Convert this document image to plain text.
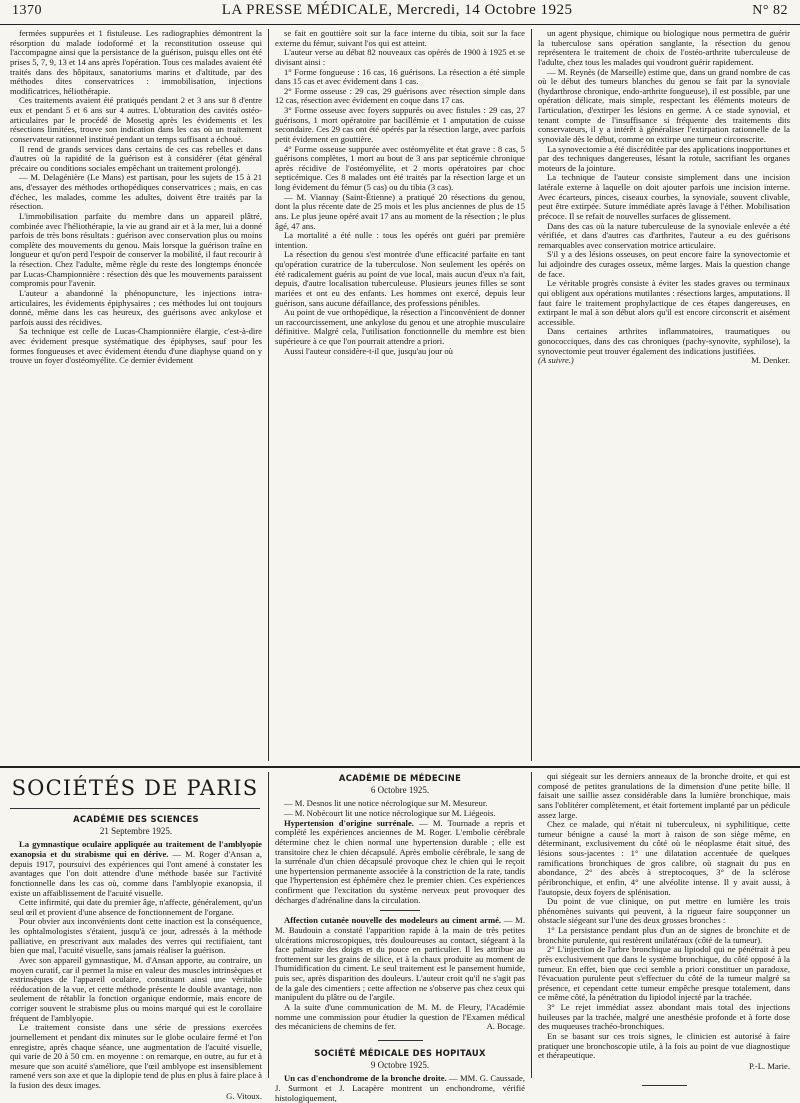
1370	LA PRESSE MÉDICALE, Mercredi, 14 Octobre 1925	N° 82

fermées suppurées et 1 fistuleuse. Les radiographies démontrent la résorption du malade iodoformé et la reconstitution osseuse qui l'accompagne ainsi que la persistance de la guérison, puisqu elles ont été prises 5, 7, 9, 13 et 14 ans après l'opération. Tous ces malades avaient été traités dans des hôpitaux, sanatoriums marins et d'altitude, par des méthodes dites conservatrices : immobilisation, injections modificatrices, héliothérapie.

Ces traitements avaient été pratiqués pendant 2 et 3 ans sur 8 d'entre eux et pendant 5 et 6 ans sur 4 autres. L'obturation des cavités ostéo-articulaires par le procédé de Mosetig après les évidements et les résections limitées, trouve son indication dans les cas où un traitement conservateur rationnel institué pendant un temps suffisant a échoué.

Il rend de grands services dans certains de ces cas rebelles et dans d'autres où la rapidité de la guérison est à considérer (état général précaire ou conditions sociales empêchant un traitement prolongé).

— M. Delagénière (Le Mans) est partisan, pour les sujets de 15 à 21 ans, d'essayer des méthodes orthopédiques conservatrices ; mais, en cas d'échec, les malades, comme les adultes, doivent être traités par la résection.

L'immobilisation parfaite du membre dans un appareil plâtré, combinée avec l'héliothérapie, la vie au grand air et à la mer, lui a donné parfois de très bons résultats : guérison avec conservation plus ou moins complète des mouvements du genou. Mais lorsque la guérison traîne en longueur et qu'on perd l'espoir de conserver la mobilité, il faut recourir à la résection. Chez l'adulte, même règle du reste des longtemps énoncée par Lucas-Championnière : résection dès que les mouvements paraissent compromis pour l'avenir.

L'auteur a abandonné la phénopuncture, les injections intra-articulaires, les évidements épiphysaires ; ces méthodes lui ont toujours donné, même dans les cas heureux, des guérisons avec ankylose et parfois aussi des récidives.

Sa technique est celle de Lucas-Championnière élargie, c'est-à-dire avec évidement presque systématique des épiphyses, sauf pour les formes fongueuses et avec évidement étendu d'une diaphyse quand on y trouve un foyer d'ostéomyélite. Ce dernier évidement

se fait en gouttière soit sur la face interne du tibia, soit sur la face externe du fémur, suivant l'os qui est atteint.

L'auteur verse au débat 82 nouveaux cas opérés de 1900 à 1925 et se divisant ainsi :

1° Forme fongueuse : 16 cas, 16 guérisons. La résection a été simple dans 15 cas et avec évidement dans 1 cas.

2° Forme osseuse : 29 cas, 29 guérisons avec résection simple dans 12 cas, résection avec évidement en coque dans 17 cas.

3° Forme osseuse avec foyers suppurés ou avec fistules : 29 cas, 27 guérisons, 1 mort opératoire par bacillémie et 1 amputation de cuisse secondaire. Ces 29 cas ont été opérés par la résection large, avec parfois petit évidement en gouttière.

4° Forme osseuse suppurée avec ostéomyélite et état grave : 8 cas, 5 guérisons complètes, 1 mort au bout de 3 ans par septicémie chronique après récidive de l'ostéomyélite, et 2 morts opératoires par choc septicémique. Ces 8 malades ont été traités par la résection large et un long évidement du fémur (5 cas) ou du tibia (3 cas).

— M. Viannay (Saint-Étienne) a pratiqué 20 résections du genou, dont la plus récente date de 25 mois et les plus anciennes de plus de 15 ans. Le plus jeune opéré avait 17 ans au moment de la résection ; le plus âgé, 47 ans.

La mortalité a été nulle : tous les opérés ont guéri par première intention.

La résection du genou s'est montrée d'une efficacité parfaite en tant qu'opération curatrice de la tuberculose. Non seulement les opérés on été radicalement guéris au point de vue local, mais aucun d'eux n'a fait, depuis, d'autre localisation tuberculeuse. Plusieurs jeunes filles se sont mariées et ont eu des enfants. Les hommes ont exercé, depuis leur guérison, sans aucune défaillance, des professions pénibles.

Au point de vue orthopédique, la résection a l'inconvénient de donner un raccourcissement, une ankylose du genou et une atrophie musculaire définitive. Malgré cela, l'utilisation fonctionnelle du membre est bien supérieure à ce que l'on pourrait attendre a priori.

Aussi l'auteur considère-t-il que, jusqu'au jour où

un agent physique, chimique ou biologique nous permettra de guérir la tuberculose sans opération sanglante, la résection du genou représentera le traitement de choix de l'ostéo-arthrite tuberculeuse de l'adulte, chez tous les malades qui voudront guérir rapidement.

— M. Reynès (de Marseille) estime que, dans un grand nombre de cas où le début des tumeurs blanches du genou se fait par la synoviale (hydarthrose chronique, endo-arthrite fongueuse), il est possible, par une opération délicate, mais simple, respectant les éléments moteurs de l'articulation, d'extirper les lésions en germe. A ce stade synovial, et tenant compte de l'insuffisance si fréquente des traitements dits conservateurs, il y a intérêt à généraliser l'extirpation rationnelle de la synoviale dès le début, comme on extirpe une tumeur circonscrite.

La synovectomie a été discréditée par des applications inopportunes et par des techniques dangereuses, lésant la rotule, sacrifiant les organes moteurs de la jointure.

La technique de l'auteur consiste simplement dans une incision latérale externe à laquelle on doit ajouter parfois une incision interne. Avec écarteurs, pinces, ciseaux courbes, la synoviale, souvent clivable, peut être extirpée. Suture immédiate après lavage à l'éther. Mobilisation précoce. Il se refait de nouvelles surfaces de glissement.

Dans des cas où la nature tuberculeuse de la synoviale enlevée a été vérifiée, et dans d'autres cas d'arthrites, l'auteur a eu des guérisons remarquables avec conservation motrice articulaire.

S'il y a des lésions osseuses, on peut encore faire la synovectomie et lui adjoindre des curages osseux, même larges. Mais la question change de face.

Le véritable progrès consiste à éviter les stades graves ou terminaux qui obligent aux opérations mutilantes : résections larges, amputations. Il faut faire le traitement prophylactique de ces étapes dangereuses, en extirpant le mal à son début alors qu'il est encore circonscrit et aisément accessible.

Dans certaines arthrites inflammatoires, traumatiques ou gonococciques, dans des cas chroniques (pachy-synovite, syphilose), la synovectomie peut trouver également des indications justifiées.

(A suivre.)	M. Denker.
SOCIÉTÉS DE PARIS
ACADÉMIE DES SCIENCES
21 Septembre 1925.

La gymnastique oculaire appliquée au traitement de l'amblyopie exanopsia et du strabisme qui en dérive. — M. Roger d'Ansan a, depuis 1917, poursuivi des expériences qui l'ont amené à constater les avantages que l'on doit attendre d'une méthode basée sur l'activité fonctionnelle dans les cas où, comme dans l'amblyopie exanopsia, il existe un affaiblissement de l'acuité visuelle.

Cette infirmité, qui date du premier âge, n'affecte, généralement, qu'un seul œil et provient d'une absence de fonctionnement de l'organe.

Pour obvier aux inconvénients dont cette inaction est la conséquence, les ophtalmologistes s'étaient, jusqu'à ce jour, adressés à la méthode palliative, en prescrivant aux malades des verres qui rectifiaient, tant bien que mal, l'acuité visuelle, sans jamais réaliser la guérison.

Avec son appareil gymnastique, M. d'Ansan apporte, au contraire, un moyen curatif, car il permet la mise en valeur des muscles intrinsèques et extrinsèques de l'appareil oculaire, constituant ainsi une véritable rééducation de la vue, et cette méthode présente le double avantage, non seulement de rétablir la fonction organique endormie, mais encore de corriger souvent le strabisme plus ou moins marqué qui est le corollaire fréquent de l'amblyopie.

Le traitement consiste dans une série de pressions exercées journellement et pendant dix minutes sur le globe oculaire fermé et l'on enregistre, après chaque séance, une augmentation de l'acuité visuelle, qui varie de 20 à 50 cm. en moyenne : on remarque, en outre, au fur et à mesure que son acuité s'améliore, que l'œil amblyope est insensiblement ramené vers son axe et que la diplopie tend de plus en plus à faire place à la fusion des deux images.

G. Vitoux.
ACADÉMIE DE MÉDECINE
6 Octobre 1925.

— M. Desnos lit une notice nécrologique sur M. Mesureur.

— M. Nobécourt lit une notice nécrologique sur M. Liégeois.

Hypertension d'origine surrénale. — M. Tournade a repris et complété les expériences anciennes de M. Roger. L'embolie cérébrale détermine chez le chien normal une hypertension durable ; elle est transitoire chez le chien décapsulé. Après embolie cérébrale, le sang de la surrénale d'un chien décapsulé provoque chez le chien qui le reçoit une hypertension permanente associée à la constriction de la rate, tandis que l'hypertension est éphémère chez le premier chien. Ces expériences confirment que l'excitation du système nerveux peut provoquer des décharges d'adrénaline dans la circulation.

Affection cutanée nouvelle des modeleurs au ciment armé. — M. M. Baudouin a constaté l'apparition rapide à la main de très petites ulcérations microscopiques, très douloureuses au contact, siégeant à la face palmaire des doigts et du pouce en particulier. Il les attribue au frottement sur les grains de silice, et à la chaux produite au moment de l'humidification du ciment. Le seul traitement est le pansement humide, puis sec, après disparition des douleurs. L'auteur croit qu'il ne s'agit pas de la gale des cimentiers ; cette affection ne s'observe pas chez ceux qui manipulent du plâtre ou de l'argile.

A la suite d'une communication de M. M. de Fleury, l'Académie nomme une commission pour étudier la question de l'Examen médical des mécaniciens de chemins de fer.	A. Bocage.

SOCIÉTÉ MÉDICALE DES HOPITAUX
9 Octobre 1925.

Un cas d'enchondrome de la bronche droite. — MM. G. Caussade, J. Surmont et J. Lacapère montrent un enchondrome, vérifié histologiquement,

qui siégeait sur les derniers anneaux de la bronche droite, et qui est composé de petites granulations de la dimension d'une petite bille. Il faisait une saillie assez considérable dans la lumière bronchique, mais sans l'oblitérer complètement, et était fortement implanté par un pédicule assez large.

Chez ce malade, qui n'était ni tuberculeux, ni syphilitique, cette tumeur bénigne a causé la mort à raison de son siège même, en déterminant, exclusivement du côté où le néoplasme était situé, des lésions sous-jacentes : 1° une dilatation accentuée de quelques ramifications bronchiques de gros calibre, où stagnait du pus en abondance, 2° des abcès à streptocoques, 3° de la sclérose péribronchique, et enfin, 4° une alvéolite intense. Il y avait aussi, à l'autopsie, deux foyers de splénisation.

Du point de vue clinique, on put mettre en lumière les trois phénomènes suivants qui peuvent, à la rigueur faire soupçonner un obstacle siégeant sur l'une des deux grosses bronches :

1° La persistance pendant plus d'un an de signes de bronchite et de bronchite purulente, qui restèrent unilatéraux (côté de la tumeur).

2° L'injection de l'arbre bronchique au lipiodol qui ne pénétrait à peu près exclusivement que dans le système bronchique, du côté opposé à la tumeur. En effet, bien que ceci semble a priori constituer un paradoxe, l'évacuation purulente peut s'effectuer du côté de la tumeur malgré sa présence, et cependant cette tumeur empêche presque totalement, dans ce même côté, la pénétration du lipiodol injecté par la trachée.

3° Le rejet immédiat assez abondant mais total des injections huileuses par la trachée, malgré une anesthésie profonde et à forte dose des muqueuses trachéo-bronchiques.

En se basant sur ces trois signes, le clinicien est autorisé à faire pratiquer une bronchoscopie utile, à la fois au point de vue diagnostique et thérapeutique.

P.-L. Marie.
